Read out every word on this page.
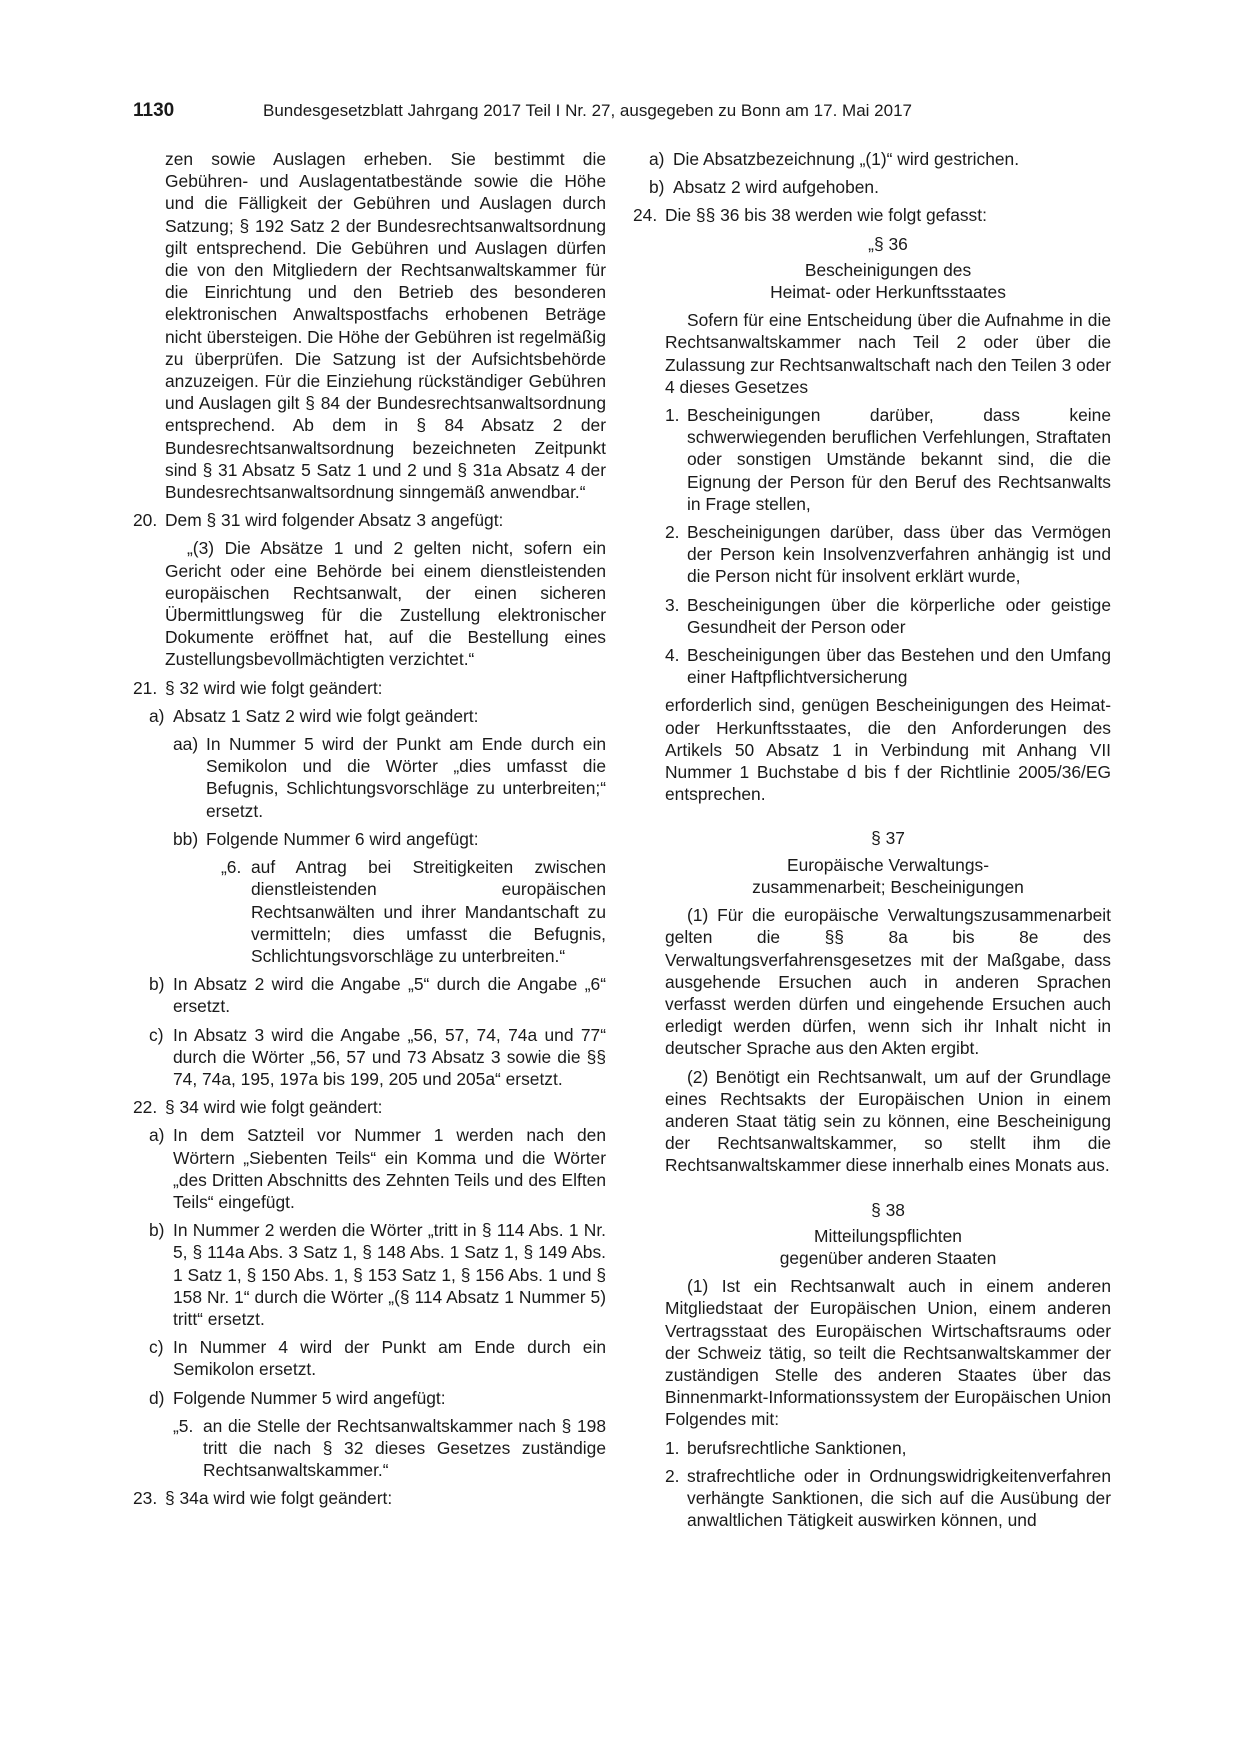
1130	Bundesgesetzblatt Jahrgang 2017 Teil I Nr. 27, ausgegeben zu Bonn am 17. Mai 2017

zen sowie Auslagen erheben. Sie bestimmt die Gebühren- und Auslagentatbestände sowie die Höhe und die Fälligkeit der Gebühren und Auslagen durch Satzung; § 192 Satz 2 der Bundesrechtsanwaltsordnung gilt entsprechend. Die Gebühren und Auslagen dürfen die von den Mitgliedern der Rechtsanwaltskammer für die Einrichtung und den Betrieb des besonderen elektronischen Anwaltspostfachs erhobenen Beträge nicht übersteigen. Die Höhe der Gebühren ist regelmäßig zu überprüfen. Die Satzung ist der Aufsichtsbehörde anzuzeigen. Für die Einziehung rückständiger Gebühren und Auslagen gilt § 84 der Bundesrechtsanwaltsordnung entsprechend. Ab dem in § 84 Absatz 2 der Bundesrechtsanwaltsordnung bezeichneten Zeitpunkt sind § 31 Absatz 5 Satz 1 und 2 und § 31a Absatz 4 der Bundesrechtsanwaltsordnung sinngemäß anwendbar.“

20. Dem § 31 wird folgender Absatz 3 angefügt:

„(3) Die Absätze 1 und 2 gelten nicht, sofern ein Gericht oder eine Behörde bei einem dienstleistenden europäischen Rechtsanwalt, der einen sicheren Übermittlungsweg für die Zustellung elektronischer Dokumente eröffnet hat, auf die Bestellung eines Zustellungsbevollmächtigten verzichtet.“

21. § 32 wird wie folgt geändert:
a) Absatz 1 Satz 2 wird wie folgt geändert:
aa) In Nummer 5 wird der Punkt am Ende durch ein Semikolon und die Wörter „dies umfasst die Befugnis, Schlichtungsvorschläge zu unterbreiten;“ ersetzt.
bb) Folgende Nummer 6 wird angefügt:
„6. auf Antrag bei Streitigkeiten zwischen dienstleistenden europäischen Rechtsanwälten und ihrer Mandantschaft zu vermitteln; dies umfasst die Befugnis, Schlichtungsvorschläge zu unterbreiten.“
b) In Absatz 2 wird die Angabe „5“ durch die Angabe „6“ ersetzt.
c) In Absatz 3 wird die Angabe „56, 57, 74, 74a und 77“ durch die Wörter „56, 57 und 73 Absatz 3 sowie die §§ 74, 74a, 195, 197a bis 199, 205 und 205a“ ersetzt.
22. § 34 wird wie folgt geändert:
a) In dem Satzteil vor Nummer 1 werden nach den Wörtern „Siebenten Teils“ ein Komma und die Wörter „des Dritten Abschnitts des Zehnten Teils und des Elften Teils“ eingefügt.
b) In Nummer 2 werden die Wörter „tritt in § 114 Abs. 1 Nr. 5, § 114a Abs. 3 Satz 1, § 148 Abs. 1 Satz 1, § 149 Abs. 1 Satz 1, § 150 Abs. 1, § 153 Satz 1, § 156 Abs. 1 und § 158 Nr. 1“ durch die Wörter „(§ 114 Absatz 1 Nummer 5) tritt“ ersetzt.
c) In Nummer 4 wird der Punkt am Ende durch ein Semikolon ersetzt.
d) Folgende Nummer 5 wird angefügt:
„5. an die Stelle der Rechtsanwaltskammer nach § 198 tritt die nach § 32 dieses Gesetzes zuständige Rechtsanwaltskammer.“
23. § 34a wird wie folgt geändert:
a) Die Absatzbezeichnung „(1)“ wird gestrichen.
b) Absatz 2 wird aufgehoben.
24. Die §§ 36 bis 38 werden wie folgt gefasst:

„§ 36

Bescheinigungen des

Heimat- oder Herkunftsstaates

Sofern für eine Entscheidung über die Aufnahme in die Rechtsanwaltskammer nach Teil 2 oder über die Zulassung zur Rechtsanwaltschaft nach den Teilen 3 oder 4 dieses Gesetzes

1. Bescheinigungen darüber, dass keine schwerwiegenden beruflichen Verfehlungen, Straftaten oder sonstigen Umstände bekannt sind, die die Eignung der Person für den Beruf des Rechtsanwalts in Frage stellen,
2. Bescheinigungen darüber, dass über das Vermögen der Person kein Insolvenzverfahren anhängig ist und die Person nicht für insolvent erklärt wurde,
3. Bescheinigungen über die körperliche oder geistige Gesundheit der Person oder
4. Bescheinigungen über das Bestehen und den Umfang einer Haftpflichtversicherung

erforderlich sind, genügen Bescheinigungen des Heimat- oder Herkunftsstaates, die den Anforderungen des Artikels 50 Absatz 1 in Verbindung mit Anhang VII Nummer 1 Buchstabe d bis f der Richtlinie 2005/36/EG entsprechen.

§ 37

Europäische Verwaltungs-

zusammenarbeit; Bescheinigungen

(1) Für die europäische Verwaltungszusammenarbeit gelten die §§ 8a bis 8e des Verwaltungsverfahrensgesetzes mit der Maßgabe, dass ausgehende Ersuchen auch in anderen Sprachen verfasst werden dürfen und eingehende Ersuchen auch erledigt werden dürfen, wenn sich ihr Inhalt nicht in deutscher Sprache aus den Akten ergibt.

(2) Benötigt ein Rechtsanwalt, um auf der Grundlage eines Rechtsakts der Europäischen Union in einem anderen Staat tätig sein zu können, eine Bescheinigung der Rechtsanwaltskammer, so stellt ihm die Rechtsanwaltskammer diese innerhalb eines Monats aus.

§ 38

Mitteilungspflichten

gegenüber anderen Staaten

(1) Ist ein Rechtsanwalt auch in einem anderen Mitgliedstaat der Europäischen Union, einem anderen Vertragsstaat des Europäischen Wirtschaftsraums oder der Schweiz tätig, so teilt die Rechtsanwaltskammer der zuständigen Stelle des anderen Staates über das Binnenmarkt-Informationssystem der Europäischen Union Folgendes mit:

1. berufsrechtliche Sanktionen,
2. strafrechtliche oder in Ordnungswidrigkeitenverfahren verhängte Sanktionen, die sich auf die Ausübung der anwaltlichen Tätigkeit auswirken können, und
